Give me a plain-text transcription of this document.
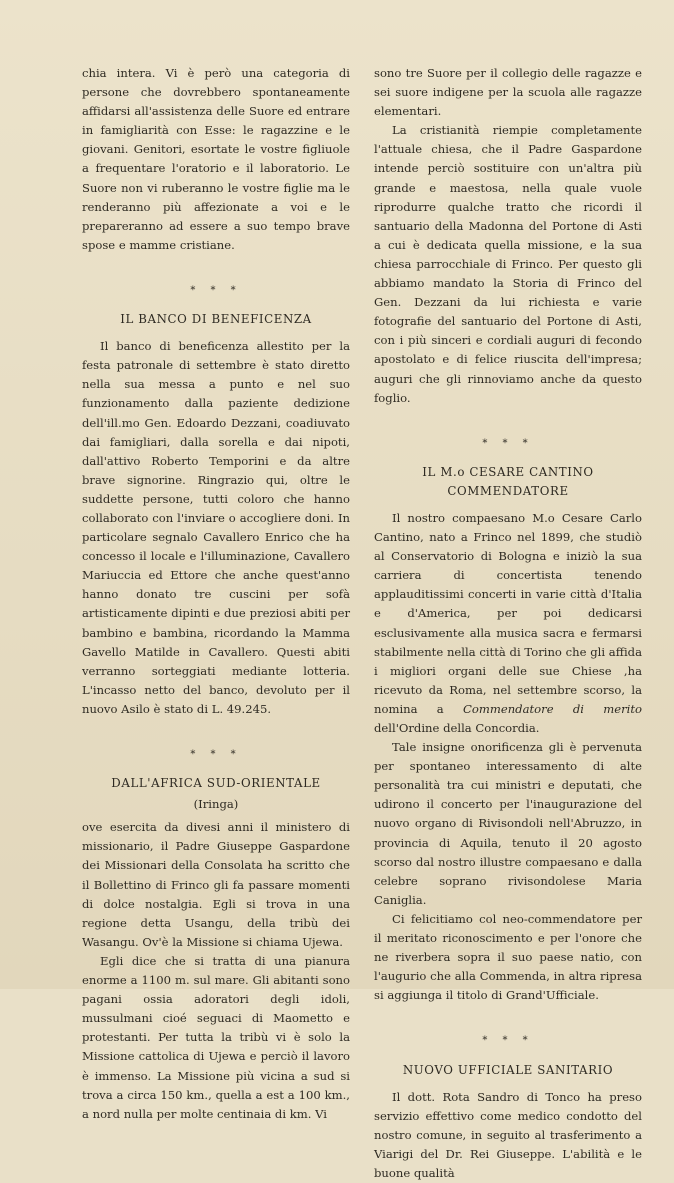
chia intera. Vi è però una categoria di persone che dovrebbero spontaneamente affidarsi all'assistenza delle Suore ed entrare in famigliarità con Esse: le ragazzine e le giovani. Genitori, esortate le vostre figliuole a frequentare l'oratorio e il laboratorio. Le Suore non vi ruberanno le vostre figlie ma le renderanno più affezionate a voi e le prepareranno ad essere a suo tempo brave spose e mamme cristiane.

* * *
IL BANCO DI BENEFICENZA

Il banco di beneficenza allestito per la festa patronale di settembre è stato diretto nella sua messa a punto e nel suo funzionamento dalla paziente dedizione dell'ill.mo Gen. Edoardo Dezzani, coadiuvato dai famigliari, dalla sorella e dai nipoti, dall'attivo Roberto Temporini e da altre brave signorine. Ringrazio qui, oltre le suddette persone, tutti coloro che hanno collaborato con l'inviare o accogliere doni. In particolare segnalo Cavallero Enrico che ha concesso il locale e l'illuminazione, Cavallero Mariuccia ed Ettore che anche quest'anno hanno donato tre cuscini per sofà artisticamente dipinti e due preziosi abiti per bambino e bambina, ricordando la Mamma Gavello Matilde in Cavallero. Questi abiti verranno sorteggiati mediante lotteria. L'incasso netto del banco, devoluto per il nuovo Asilo è stato di L. 49.245.

* * *
DALL'AFRICA SUD-ORIENTALE
(Iringa)

ove esercita da divesi anni il ministero di missionario, il Padre Giuseppe Gaspardone dei Missionari della Consolata ha scritto che il Bollettino di Frinco gli fa passare momenti di dolce nostalgia. Egli si trova in una regione detta Usangu, della tribù dei Wasangu. Ov'è la Missione si chiama Ujewa.

Egli dice che si tratta di una pianura enorme a 1100 m. sul mare. Gli abitanti sono pagani ossia adoratori degli idoli, mussulmani cioé seguaci di Maometto e protestanti. Per tutta la tribù vi è solo la Missione cattolica di Ujewa e perciò il lavoro è immenso. La Missione più vicina a sud si trova a circa 150 km., quella a est a 100 km., a nord nulla per molte centinaia di km. Vi

sono tre Suore per il collegio delle ragazze e sei suore indigene per la scuola alle ragazze elementari.

La cristianità riempie completamente l'attuale chiesa, che il Padre Gaspardone intende perciò sostituire con un'altra più grande e maestosa, nella quale vuole riprodurre qualche tratto che ricordi il santuario della Madonna del Portone di Asti a cui è dedicata quella missione, e la sua chiesa parrocchiale di Frinco. Per questo gli abbiamo mandato la Storia di Frinco del Gen. Dezzani da lui richiesta e varie fotografie del santuario del Portone di Asti, con i più sinceri e cordiali auguri di fecondo apostolato e di felice riuscita dell'impresa; auguri che gli rinnoviamo anche da questo foglio.

* * *
IL M.o CESARE CANTINO COMMENDATORE

Il nostro compaesano M.o Cesare Carlo Cantino, nato a Frinco nel 1899, che studiò al Conservatorio di Bologna e iniziò la sua carriera di concertista tenendo applauditissimi concerti in varie città d'Italia e d'America, per poi dedicarsi esclusivamente alla musica sacra e fermarsi stabilmente nella città di Torino che gli affida i migliori organi delle sue Chiese ,ha ricevuto da Roma, nel settembre scorso, la nomina a Commendatore di merito dell'Ordine della Concordia.

Tale insigne onorificenza gli è pervenuta per spontaneo interessamento di alte personalità tra cui ministri e deputati, che udirono il concerto per l'inaugurazione del nuovo organo di Rivisondoli nell'Abruzzo, in provincia di Aquila, tenuto il 20 agosto scorso dal nostro illustre compaesano e dalla celebre soprano rivisondolese Maria Caniglia.

Ci felicitiamo col neo-commendatore per il meritato riconoscimento e per l'onore che ne riverbera sopra il suo paese natio, con l'augurio che alla Commenda, in altra ripresa si aggiunga il titolo di Grand'Ufficiale.

* * *
NUOVO UFFICIALE SANITARIO

Il dott. Rota Sandro di Tonco ha preso servizio effettivo come medico condotto del nostro comune, in seguito al trasferimento a Viarigi del Dr. Rei Giuseppe. L'abilità e le buone qualità
